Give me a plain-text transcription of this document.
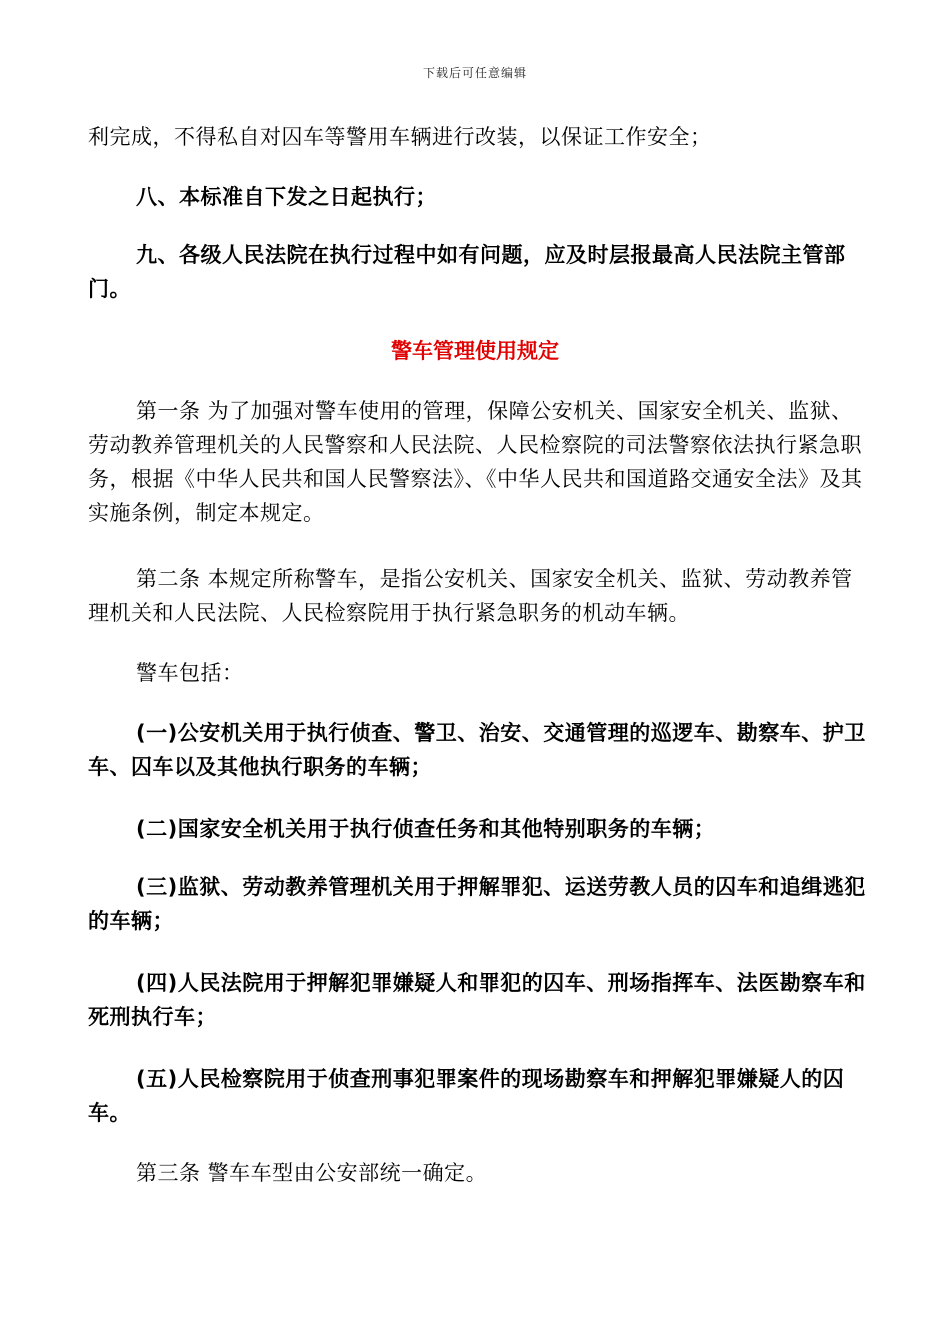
下载后可任意编辑

利完成，不得私自对囚车等警用车辆进行改装，以保证工作安全；

八、本标准自下发之日起执行；

九、各级人民法院在执行过程中如有问题，应及时层报最高人民法院主管部门。

警车管理使用规定

第一条 为了加强对警车使用的管理，保障公安机关、国家安全机关、监狱、劳动教养管理机关的人民警察和人民法院、人民检察院的司法警察依法执行紧急职务，根据《中华人民共和国人民警察法》、《中华人民共和国道路交通安全法》及其实施条例，制定本规定。

第二条 本规定所称警车，是指公安机关、国家安全机关、监狱、劳动教养管理机关和人民法院、人民检察院用于执行紧急职务的机动车辆。

警车包括：

(一)公安机关用于执行侦查、警卫、治安、交通管理的巡逻车、勘察车、护卫车、囚车以及其他执行职务的车辆；

(二)国家安全机关用于执行侦查任务和其他特别职务的车辆；

(三)监狱、劳动教养管理机关用于押解罪犯、运送劳教人员的囚车和追缉逃犯的车辆；

(四)人民法院用于押解犯罪嫌疑人和罪犯的囚车、刑场指挥车、法医勘察车和死刑执行车；

(五)人民检察院用于侦查刑事犯罪案件的现场勘察车和押解犯罪嫌疑人的囚车。

第三条 警车车型由公安部统一确定。
